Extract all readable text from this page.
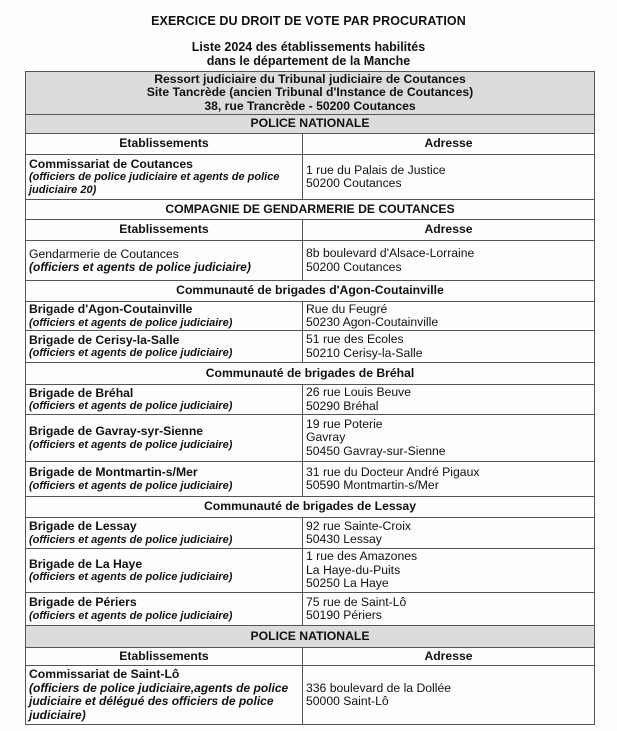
EXERCICE DU DROIT DE VOTE PAR PROCURATION
Liste 2024 des établissements habilités
dans le département de la Manche
Ressort judiciaire du Tribunal judiciaire de Coutances
Site Tancrède (ancien Tribunal d'Instance de Coutances)
38, rue Trancrède - 50200 Coutances	

POLICE NATIONALE	
Etablissements	Adresse

Commissariat de Coutances
(officiers de police judiciaire et agents de police judiciaire 20)	1 rue du Palais de Justice
50200 Coutances

COMPAGNIE DE GENDARMERIE DE COUTANCES	
Etablissements	Adresse

Gendarmerie de Coutances
(officiers et agents de police judiciaire)	8b boulevard d'Alsace-Lorraine
50200 Coutances

Communauté de brigades d'Agon-Coutainville	

Brigade d'Agon-Coutainville
(officiers et agents de police judiciaire)	Rue du Feugré
50230 Agon-Coutainville

Brigade de Cerisy-la-Salle
(officiers et agents de police judiciaire)	51 rue des Ecoles
50210 Cerisy-la-Salle

Communauté de brigades de Bréhal	

Brigade de Bréhal
(officiers et agents de police judiciaire)	26 rue Louis Beuve
50290 Bréhal

Brigade de Gavray-syr-Sienne
(officiers et agents de police judiciaire)	19 rue Poterie
Gavray
50450 Gavray-sur-Sienne

Brigade de Montmartin-s/Mer
(officiers et agents de police judiciaire)	31 rue du Docteur André Pigaux
50590 Montmartin-s/Mer

Communauté de brigades de Lessay	

Brigade de Lessay
(officiers et agents de police judiciaire)	92 rue Sainte-Croix
50430 Lessay

Brigade de La Haye
(officiers et agents de police judiciaire)	1 rue des Amazones
La Haye-du-Puits
50250 La Haye

Brigade de Périers
(officiers et agents de police judiciaire)	75 rue de Saint-Lô
50190 Périers

POLICE NATIONALE	
Etablissements	Adresse

Commissariat de Saint-Lô
(officiers de police judiciaire,agents de police judiciaire et délégué des officiers de police judiciaire)	336 boulevard de la Dollée
50000 Saint-Lô
